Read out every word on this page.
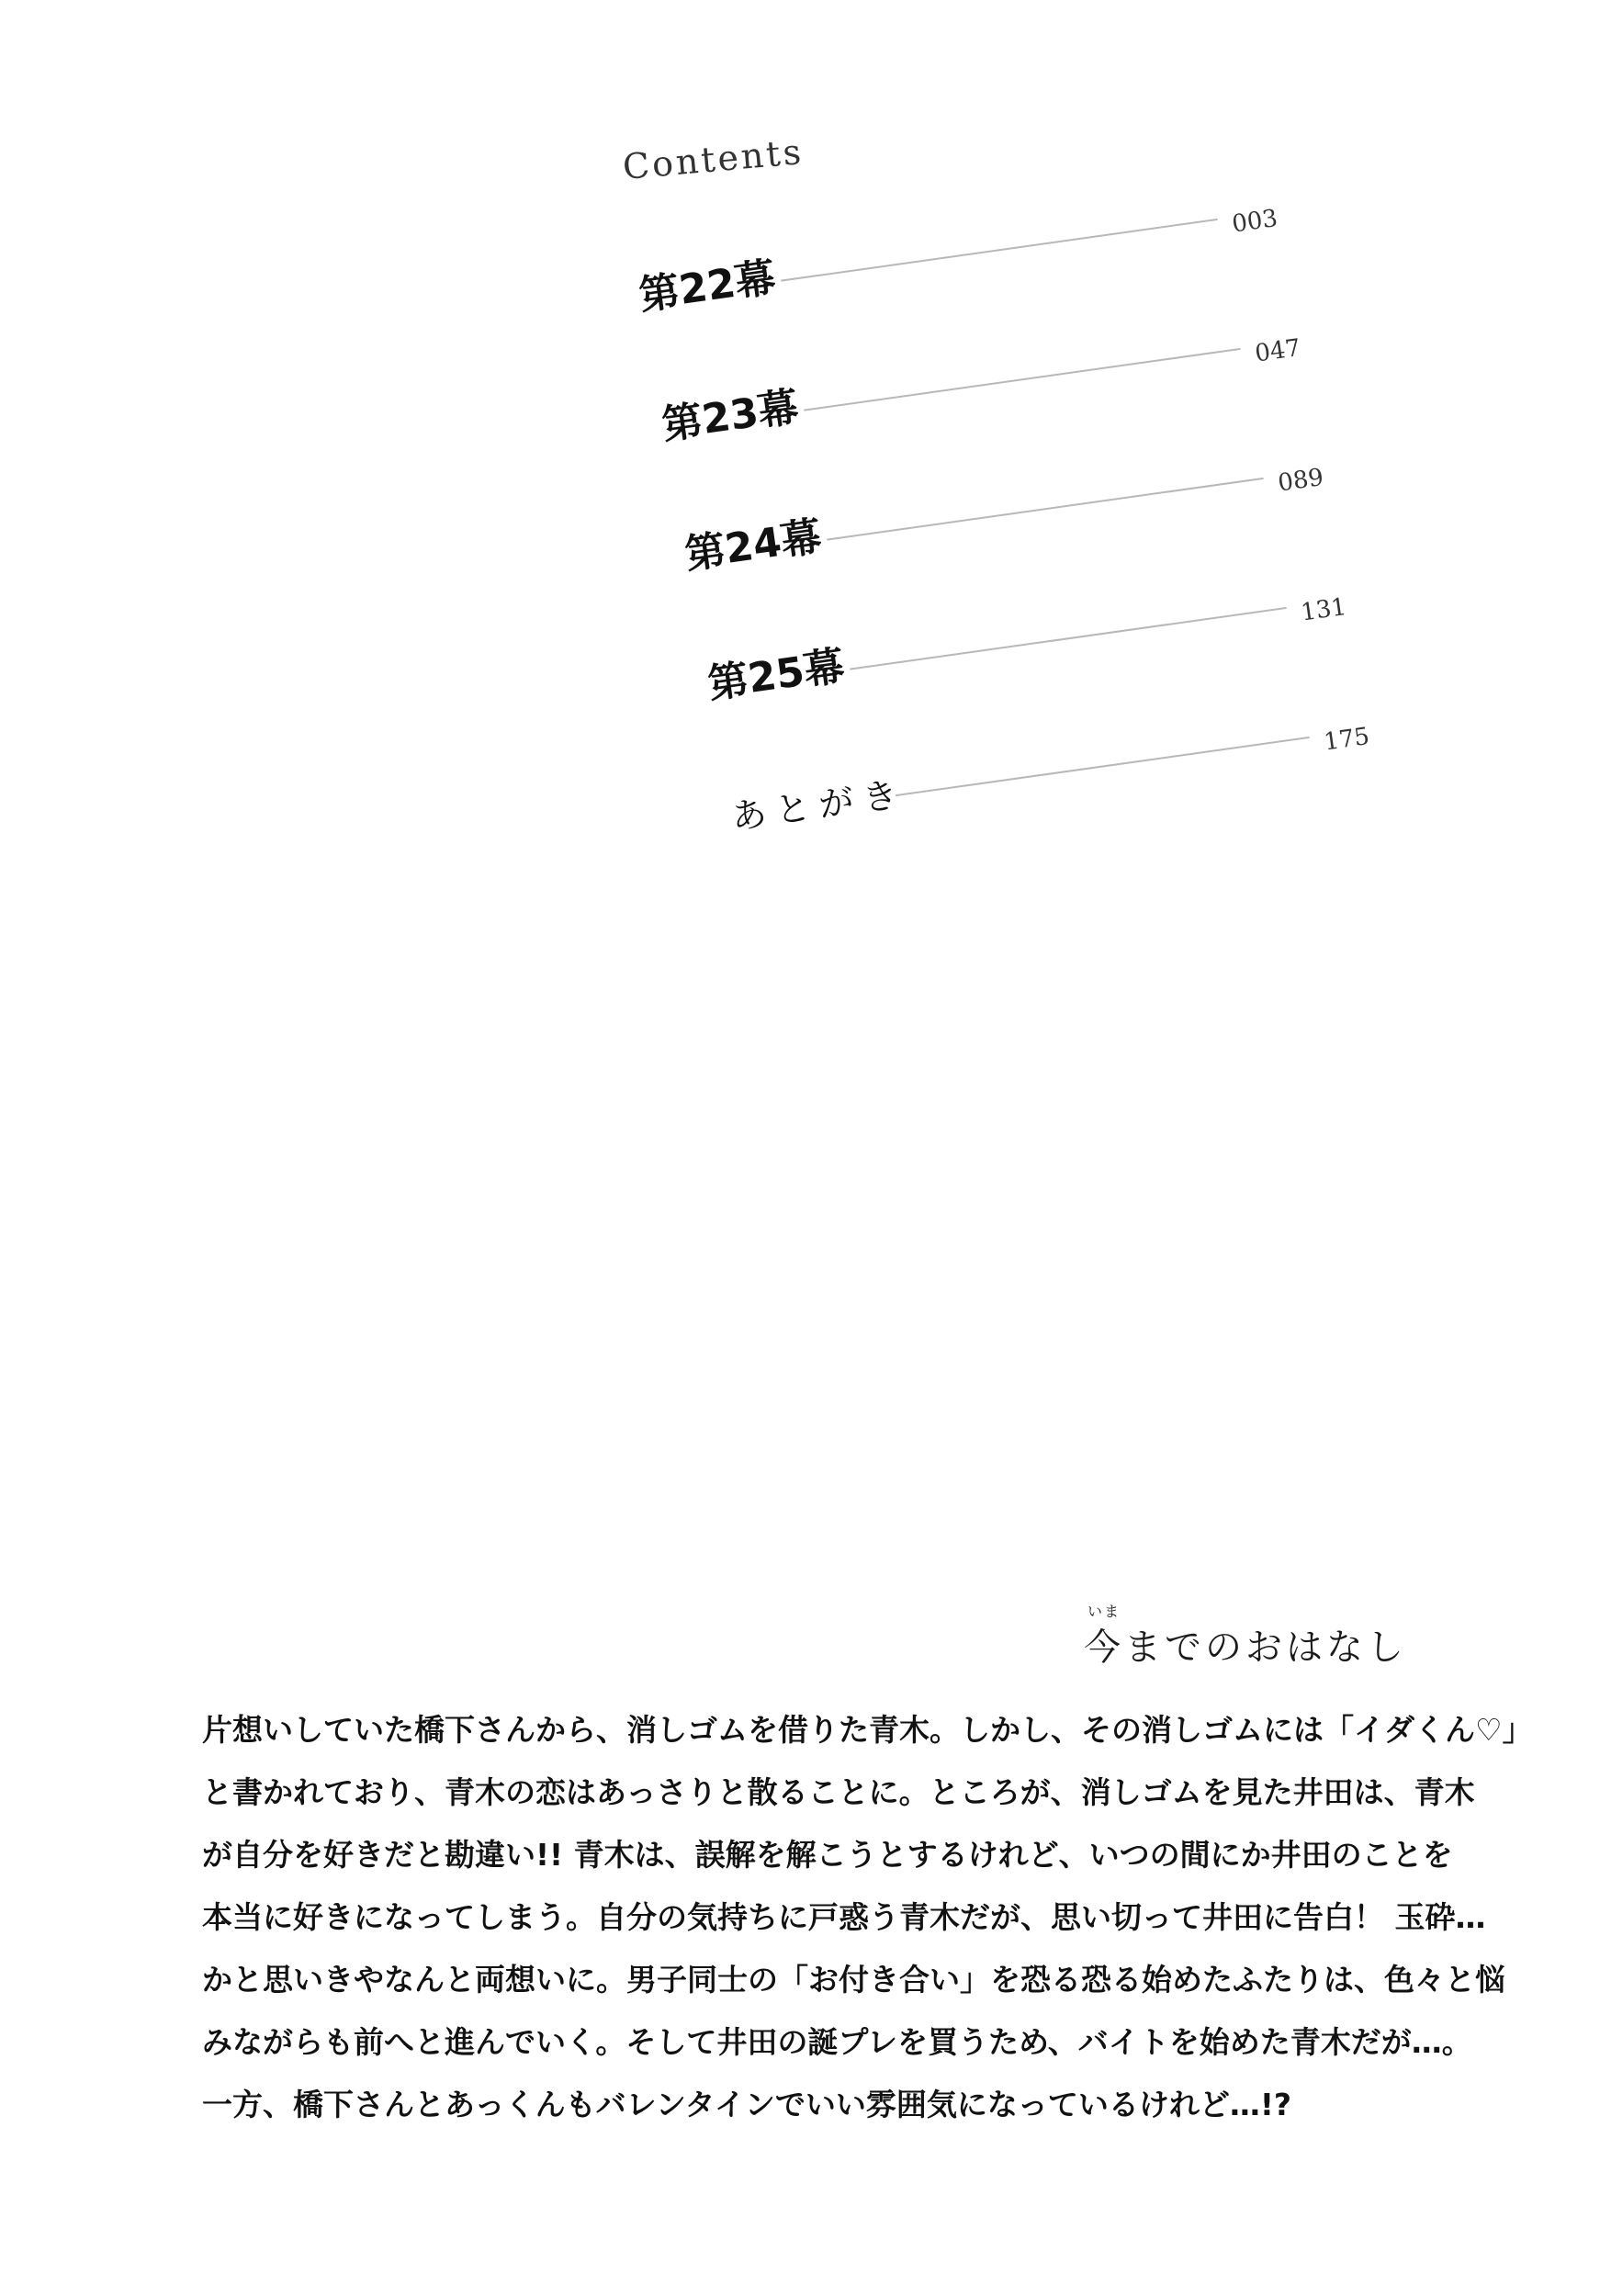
Contents
第22幕
003
第23幕
047
第24幕
089
第25幕
131
あとがき
175
いま
今までのおはなし
片想いしていた橋下さんから、消しゴムを借りた青木。しかし、その消しゴムには「イダくん♡」
と書かれており、青木の恋はあっさりと散ることに。ところが、消しゴムを見た井田は、青木
が自分を好きだと勘違い!! 青木は、誤解を解こうとするけれど、いつの間にか井田のことを
本当に好きになってしまう。自分の気持ちに戸惑う青木だが、思い切って井田に告白！ 玉砕…
かと思いきやなんと両想いに。男子同士の「お付き合い」を恐る恐る始めたふたりは、色々と悩
みながらも前へと進んでいく。そして井田の誕プレを買うため、バイトを始めた青木だが…。
一方、橋下さんとあっくんもバレンタインでいい雰囲気になっているけれど…!?
